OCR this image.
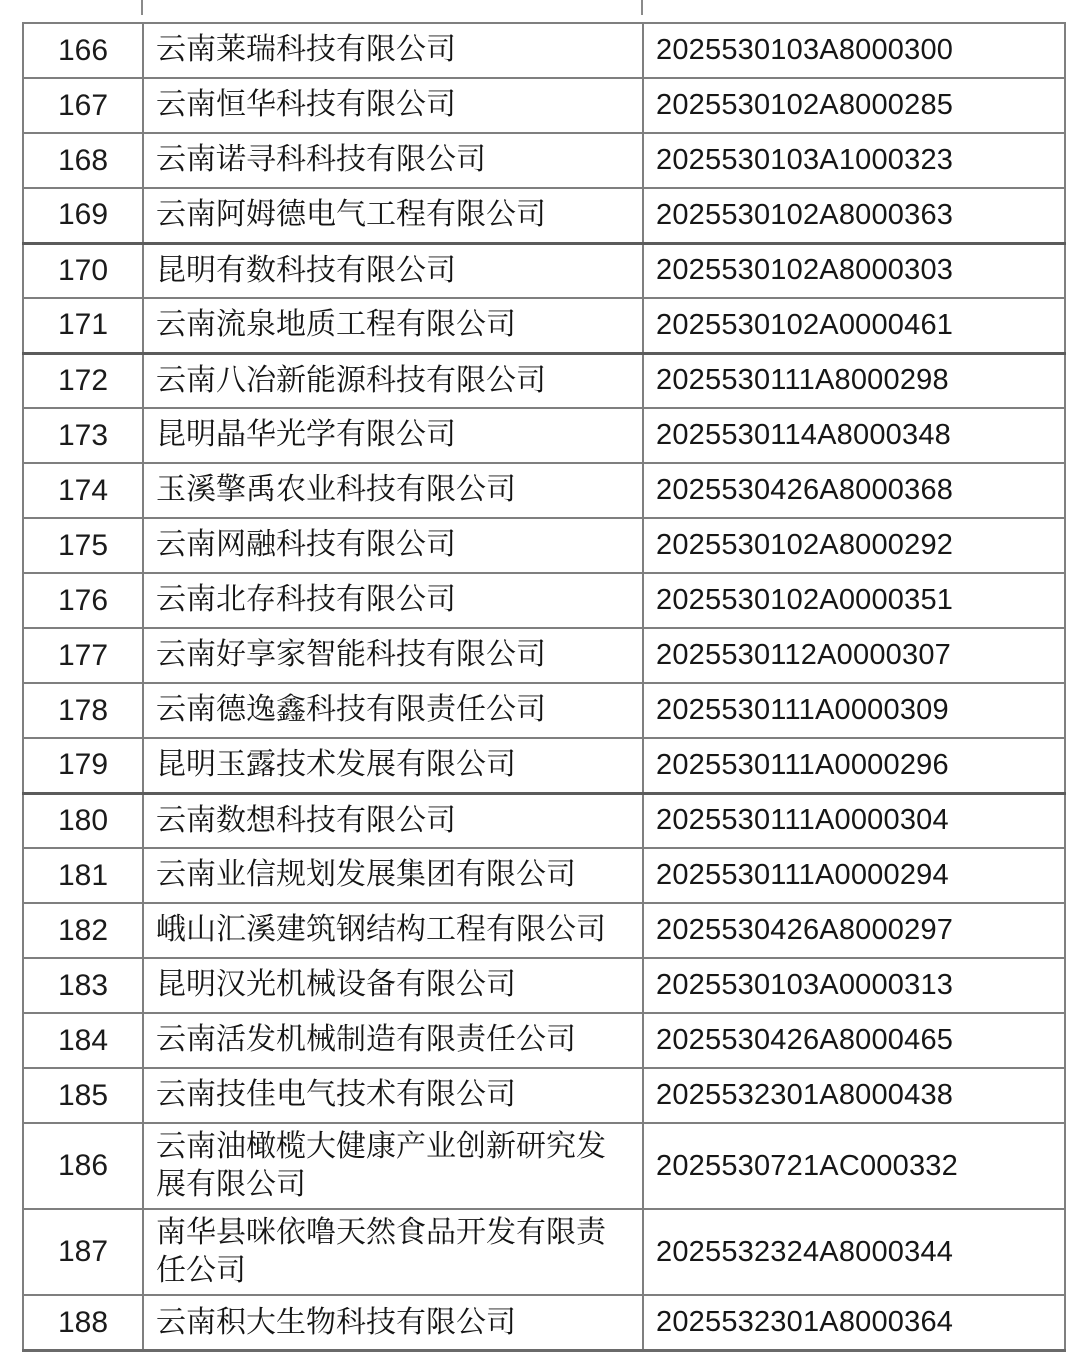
166	云南莱瑞科技有限公司	2025530103A8000300
167	云南恒华科技有限公司	2025530102A8000285
168	云南诺寻科科技有限公司	2025530103A1000323
169	云南阿姆德电气工程有限公司	2025530102A8000363
170	昆明有数科技有限公司	2025530102A8000303
171	云南流泉地质工程有限公司	2025530102A0000461
172	云南八冶新能源科技有限公司	2025530111A8000298
173	昆明晶华光学有限公司	2025530114A8000348
174	玉溪擎禹农业科技有限公司	2025530426A8000368
175	云南网融科技有限公司	2025530102A8000292
176	云南北存科技有限公司	2025530102A0000351
177	云南好享家智能科技有限公司	2025530112A0000307
178	云南德逸鑫科技有限责任公司	2025530111A0000309
179	昆明玉露技术发展有限公司	2025530111A0000296
180	云南数想科技有限公司	2025530111A0000304
181	云南业信规划发展集团有限公司	2025530111A0000294
182	峨山汇溪建筑钢结构工程有限公司	2025530426A8000297
183	昆明汉光机械设备有限公司	2025530103A0000313
184	云南活发机械制造有限责任公司	2025530426A8000465
185	云南技佳电气技术有限公司	2025532301A8000438
186	云南油橄榄大健康产业创新研究发展有限公司	2025530721AC000332
187	南华县咪依噜天然食品开发有限责任公司	2025532324A8000344
188	云南积大生物科技有限公司	2025532301A8000364
